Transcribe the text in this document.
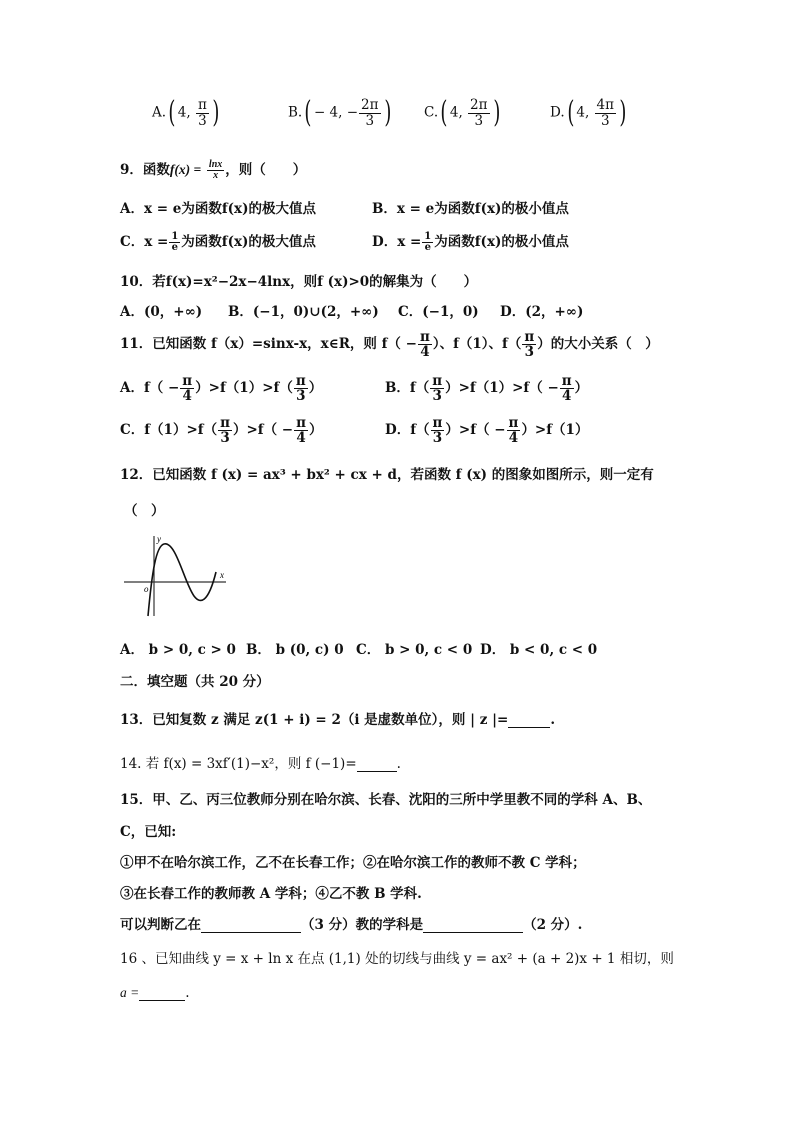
A.( 4, $\frac{\pi}{3}$ )	B.( − 4, − $\frac{2\pi}{3}$ ) C.( 4, $\frac{2\pi}{3}$ )	D.( 4, $\frac{4\pi}{3}$ )
9．函数$f(x) = \frac{\ln x}{x}$ ，则（　　）
A．x = e为函数f(x)的极大值点	B．x = e为函数f(x)的极小值点
C．$x = \frac{1}{e}$ 为函数f(x)的极大值点	D．$x = \frac{1}{e}$ 为函数f(x)的极小值点
10．若f(x)=x²−2x−4lnx，则f (x)>0的解集为（　　）
A．(0，+∞) B．(−1，0)∪(2，+∞) C．(−1，0) D．(2，+∞)
11．已知函数 f（x）=sinx-x，x∈R，则 $f( - \frac{\pi}{4}$ ）、f（1）、$f( \frac{\pi}{3}$ ）的大小关系（　）
A．$f( - \frac{\pi}{4} )>f(1)>f( \frac{\pi}{3}$ ）	B．$f( \frac{\pi}{3} )>f(1)>f( - \frac{\pi}{4}$ ）
C．$f(1)>f( \frac{\pi}{3} )>f( - \frac{\pi}{4}$ ）	D．$f( \frac{\pi}{3} )>f( - \frac{\pi}{4} )>f(1)$
12．已知函数 f (x) = ax³ + bx² + cx + d，若函数 f (x) 的图象如图所示，则一定有
（　）
o
x
y
A． b > 0, c > 0 B． b (0, c) 0 C． b > 0, c < 0 D． b < 0, c < 0
二．填空题（共 20 分）
13．已知复数 z 满足 z(1 + i) = 2（i 是虚数单位），则 | z |=	.
14. 若 f(x) = 3xf′(1)−x²，则 f (−1)=	.
15．甲、乙、丙三位教师分别在哈尔滨、长春、沈阳的三所中学里教不同的学科 A、B、
C，已知:
①甲不在哈尔滨工作，乙不在长春工作；②在哈尔滨工作的教师不教 C 学科；
③在长春工作的教师教 A 学科；④乙不教 B 学科.
可以判断乙在	（3 分）教的学科是	（2 分）.
16 、已知曲线 y = x + ln x 在点 (1,1) 处的切线与曲线 y = ax² + (a + 2)x + 1 相切，则
a =	.
